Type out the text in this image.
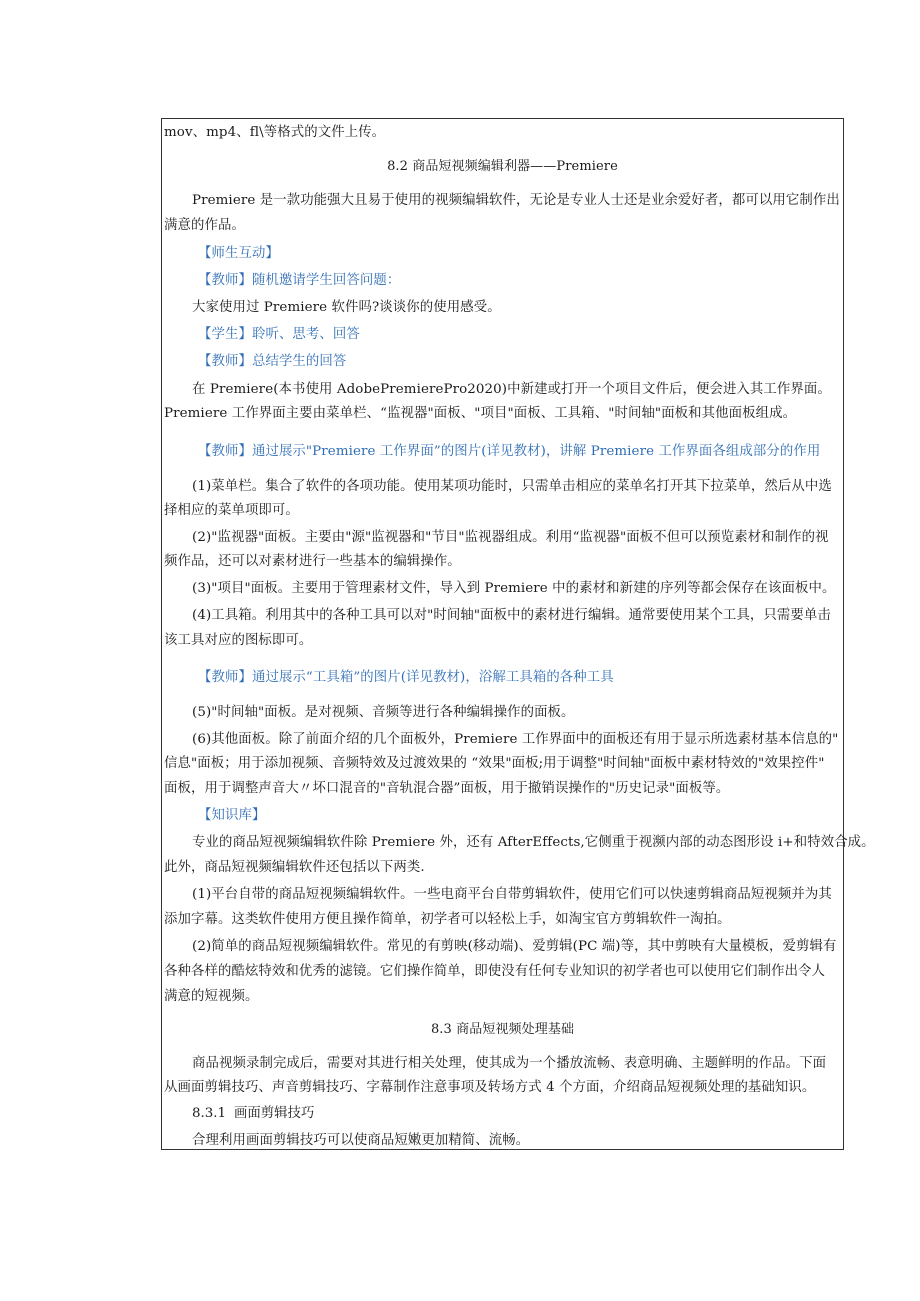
mov、mp4、fl\等格式的文件上传。
8.2 商品短视频编辑利器——Premiere
Premiere 是一款功能强大且易于使用的视频编辑软件，无论是专业人士还是业余爱好者，都可以用它制作出
满意的作品。
【师生互动】
【教师】随机邀请学生回答问题：
大家使用过 Premiere 软件吗?谈谈你的使用感受。
【学生】聆听、思考、回答
【教师】总结学生的回答
在 Premiere(本书使用 AdobePremierePro2020)中新建或打开一个项目文件后，便会进入其工作界面。
Premiere 工作界面主要由菜单栏、“监视器"面板、"项目"面板、工具箱、"时间轴"面板和其他面板组成。
【教师】通过展示"Premiere 工作界面”的图片(详见教材)，讲解 Premiere 工作界面各组成部分的作用
(1)菜单栏。集合了软件的各项功能。使用某项功能时，只需单击相应的菜单名打开其下拉菜单，然后从中选
择相应的菜单项即可。
(2)"监视器"面板。主要由"源"监视器和"节目"监视器组成。利用“监视器"面板不但可以预览素材和制作的视
频作品，还可以对素材进行一些基本的编辑操作。
(3)"项目"面板。主要用于管理素材文件，导入到 Premiere 中的素材和新建的序列等都会保存在该面板中。
(4)工具箱。利用其中的各种工具可以对"时间轴"面板中的素材进行编辑。通常要使用某个工具，只需要单击
该工具对应的图标即可。
【教师】通过展示“工具箱”的图片(详见教材)，浴解工具箱的各种工具
(5)"时间轴"面板。是对视频、音频等进行各种编辑操作的面板。
(6)其他面板。除了前面介绍的几个面板外，Premiere 工作界面中的面板还有用于显示所选素材基本信息的"
信息"面板；用于添加视频、音频特效及过渡效果的 “效果"面板;用于调整"时间轴"面板中素材特效的"效果控件"
面板，用于调整声音大〃坏口混音的"音轨混合器”面板，用于撤销误操作的"历史记录"面板等。
【知识库】
专业的商品短视频编辑软件除 Premiere 外，还有 AfterEffects,它侧重于视濒内部的动态图形设 i+和特效合成。
此外，商品短视频编辑软件还包括以下两类.
(1)平台自带的商品短视频编辑软件。一些电商平台自带剪辑软件，使用它们可以快速剪辑商品短视频并为其
添加字幕。这类软件使用方便且操作简单，初学者可以轻松上手，如淘宝官方剪辑软件一淘拍。
(2)简单的商品短视频编辑软件。常见的有剪映(移动端)、爱剪辑(PC 端)等，其中剪映有大量模板，爱剪辑有
各种各样的酷炫特效和优秀的滤镜。它们操作简单，即使没有任何专业知识的初学者也可以使用它们制作出令人
满意的短视频。
8.3 商品短视频处理基础
商品视频录制完成后，需要对其进行相关处理，使其成为一个播放流畅、表意明确、主题鲜明的作品。下面
从画面剪辑技巧、声音剪辑技巧、字幕制作注意事项及转场方式 4 个方面，介绍商品短视频处理的基础知识。
8.3.1 画面剪辑技巧
合理利用画面剪辑技巧可以使商品短嫩更加精简、流畅。
